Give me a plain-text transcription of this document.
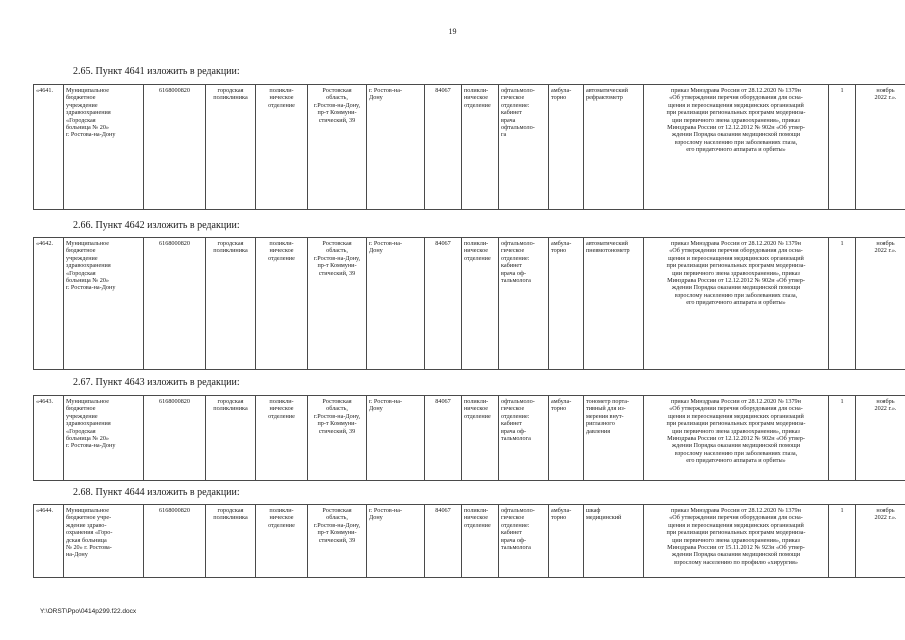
19
2.65. Пункт 4641 изложить в редакции:
«4641.	Муниципальное
бюджетное
учреждение
здравоохранения
«Городская
больница № 20»
г. Ростова-на-Дону	6168000820	городская
поликлиника	поликли-
ническое
отделение	Ростовская
область,
г.Ростов-на-Дону,
пр-т Коммуни-
стический, 39	г. Ростов-на-
Дону	84067	поликли-
ническое
отделение	офтальмоло-
гическое
отделение:
кабинет
врача
офтальмоло-
га	амбула-
торно	автоматический
рефрактометр	приказ Минздрава России от 28.12.2020 № 1379н
«Об утверждении перечня оборудования для осна-
щения и переоснащения медицинских организаций
при реализации региональных программ модерниза-
ции первичного звена здравоохранения», приказ
Минздрава России от 12.12.2012 № 902н «Об утвер-
ждении Порядка оказания медицинской помощи
взрослому населению при заболеваниях глаза,
его придаточного аппарата и орбиты»	1	ноябрь
2022 г.».
2.66. Пункт 4642 изложить в редакции:
«4642.	Муниципальное
бюджетное
учреждение
здравоохранения
«Городская
больница № 20»
г. Ростова-на-Дону	6168000820	городская
поликлиника	поликли-
ническое
отделение	Ростовская
область,
г.Ростов-на-Дону,
пр-т Коммуни-
стический, 39	г. Ростов-на-
Дону	84067	поликли-
ническое
отделение	офтальмоло-
гическое
отделение:
кабинет
врача оф-
тальмолога	амбула-
торно	автоматический
пневмотонометр	приказ Минздрава России от 28.12.2020 № 1379н
«Об утверждении перечня оборудования для осна-
щения и переоснащения медицинских организаций
при реализации региональных программ модерниза-
ции первичного звена здравоохранения», приказ
Минздрава России от 12.12.2012 № 902н «Об утвер-
ждении Порядка оказания медицинской помощи
взрослому населению при заболеваниях глаза,
его придаточного аппарата и орбиты»	1	ноябрь
2022 г.».
2.67. Пункт 4643 изложить в редакции:
«4643.	Муниципальное
бюджетное
учреждение
здравоохранения
«Городская
больница № 20»
г. Ростова-на-Дону	6168000820	городская
поликлиника	поликли-
ническое
отделение	Ростовская
область,
г.Ростов-на-Дону,
пр-т Коммуни-
стический, 39	г. Ростов-на-
Дону	84067	поликли-
ническое
отделение	офтальмоло-
гическое
отделение:
кабинет
врача оф-
тальмолога	амбула-
торно	тонометр порта-
тивный для из-
мерения внут-
риглазного
давления	приказ Минздрава России от 28.12.2020 № 1379н
«Об утверждении перечня оборудования для осна-
щения и переоснащения медицинских организаций
при реализации региональных программ модерниза-
ции первичного звена здравоохранения», приказ
Минздрава России от 12.12.2012 № 902н «Об утвер-
ждении Порядка оказания медицинской помощи
взрослому населению при заболеваниях глаза,
его придаточного аппарата и орбиты»	1	ноябрь
2022 г.».
2.68. Пункт 4644 изложить в редакции:
«4644.	Муниципальное
бюджетное учре-
ждение здраво-
охранения «Горо-
дская больница
№ 20» г. Ростова-
на-Дону	6168000820	городская
поликлиника	поликли-
ническое
отделение	Ростовская
область,
г.Ростов-на-Дону,
пр-т Коммуни-
стический, 39	г. Ростов-на-
Дону	84067	поликли-
ническое
отделение	офтальмоло-
гическое
отделение:
кабинет
врача оф-
тальмолога	амбула-
торно	шкаф
медицинский	приказ Минздрава России от 28.12.2020 № 1379н
«Об утверждении перечня оборудования для осна-
щения и переоснащения медицинских организаций
при реализации региональных программ модерниза-
ции первичного звена здравоохранения», приказ
Минздрава России от 15.11.2012 № 923н «Об утвер-
ждении Порядка оказания медицинской помощи
взрослому населению по профилю «хирургия»	1	ноябрь
2022 г.».
Y:\ORST\Ppo\0414p299.f22.docx
